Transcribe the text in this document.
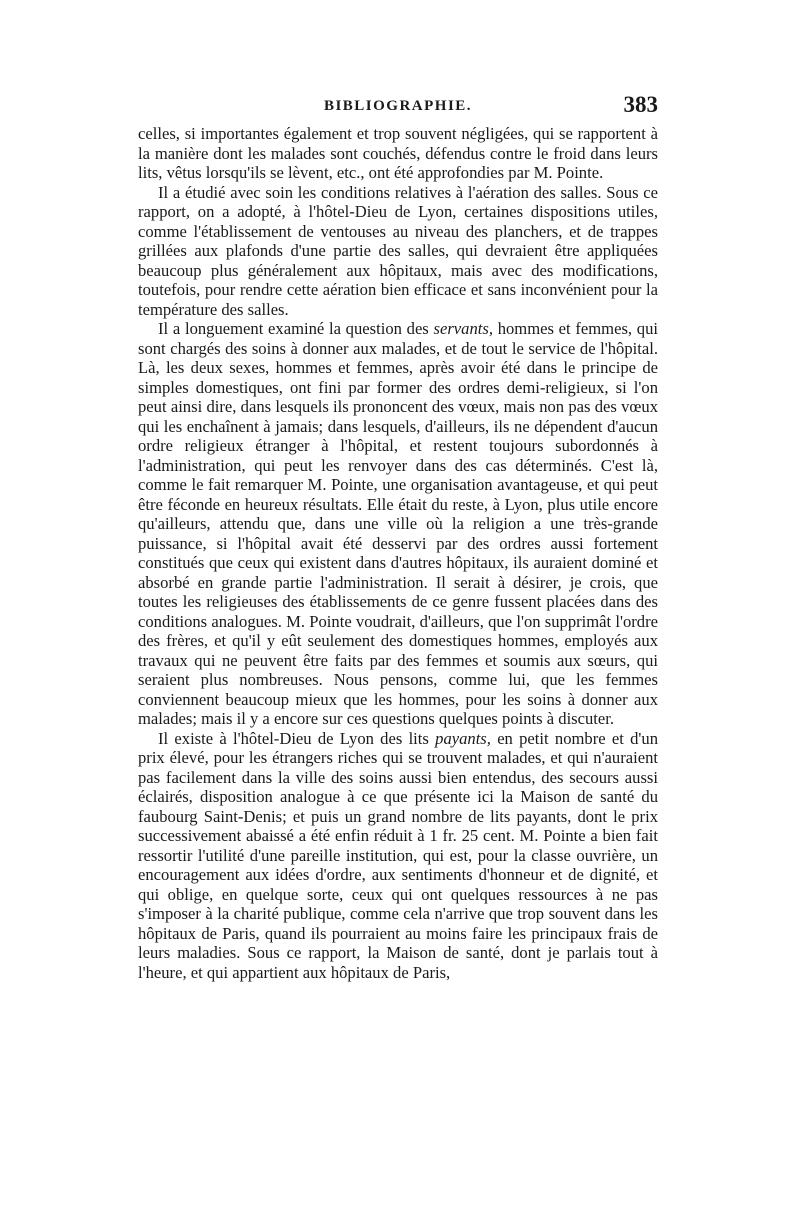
BIBLIOGRAPHIE.	383

celles, si importantes également et trop souvent négligées, qui se rapportent à la manière dont les malades sont couchés, défendus contre le froid dans leurs lits, vêtus lorsqu'ils se lèvent, etc., ont été approfondies par M. Pointe.

Il a étudié avec soin les conditions relatives à l'aération des salles. Sous ce rapport, on a adopté, à l'hôtel-Dieu de Lyon, certaines dispositions utiles, comme l'établissement de ventouses au niveau des planchers, et de trappes grillées aux plafonds d'une partie des salles, qui devraient être appliquées beaucoup plus généralement aux hôpitaux, mais avec des modifications, toutefois, pour rendre cette aération bien efficace et sans inconvénient pour la température des salles.

Il a longuement examiné la question des servants, hommes et femmes, qui sont chargés des soins à donner aux malades, et de tout le service de l'hôpital. Là, les deux sexes, hommes et femmes, après avoir été dans le principe de simples domestiques, ont fini par former des ordres demi-religieux, si l'on peut ainsi dire, dans lesquels ils prononcent des vœux, mais non pas des vœux qui les enchaînent à jamais; dans lesquels, d'ailleurs, ils ne dépendent d'aucun ordre religieux étranger à l'hôpital, et restent toujours subordonnés à l'administration, qui peut les renvoyer dans des cas déterminés. C'est là, comme le fait remarquer M. Pointe, une organisation avantageuse, et qui peut être féconde en heureux résultats. Elle était du reste, à Lyon, plus utile encore qu'ailleurs, attendu que, dans une ville où la religion a une très-grande puissance, si l'hôpital avait été desservi par des ordres aussi fortement constitués que ceux qui existent dans d'autres hôpitaux, ils auraient dominé et absorbé en grande partie l'administration. Il serait à désirer, je crois, que toutes les religieuses des établissements de ce genre fussent placées dans des conditions analogues. M. Pointe voudrait, d'ailleurs, que l'on supprimât l'ordre des frères, et qu'il y eût seulement des domestiques hommes, employés aux travaux qui ne peuvent être faits par des femmes et soumis aux sœurs, qui seraient plus nombreuses. Nous pensons, comme lui, que les femmes conviennent beaucoup mieux que les hommes, pour les soins à donner aux malades; mais il y a encore sur ces questions quelques points à discuter.

Il existe à l'hôtel-Dieu de Lyon des lits payants, en petit nombre et d'un prix élevé, pour les étrangers riches qui se trouvent malades, et qui n'auraient pas facilement dans la ville des soins aussi bien entendus, des secours aussi éclairés, disposition analogue à ce que présente ici la Maison de santé du faubourg Saint-Denis; et puis un grand nombre de lits payants, dont le prix successivement abaissé a été enfin réduit à 1 fr. 25 cent. M. Pointe a bien fait ressortir l'utilité d'une pareille institution, qui est, pour la classe ouvrière, un encouragement aux idées d'ordre, aux sentiments d'honneur et de dignité, et qui oblige, en quelque sorte, ceux qui ont quelques ressources à ne pas s'imposer à la charité publique, comme cela n'arrive que trop souvent dans les hôpitaux de Paris, quand ils pourraient au moins faire les principaux frais de leurs maladies. Sous ce rapport, la Maison de santé, dont je parlais tout à l'heure, et qui appartient aux hôpitaux de Paris,
